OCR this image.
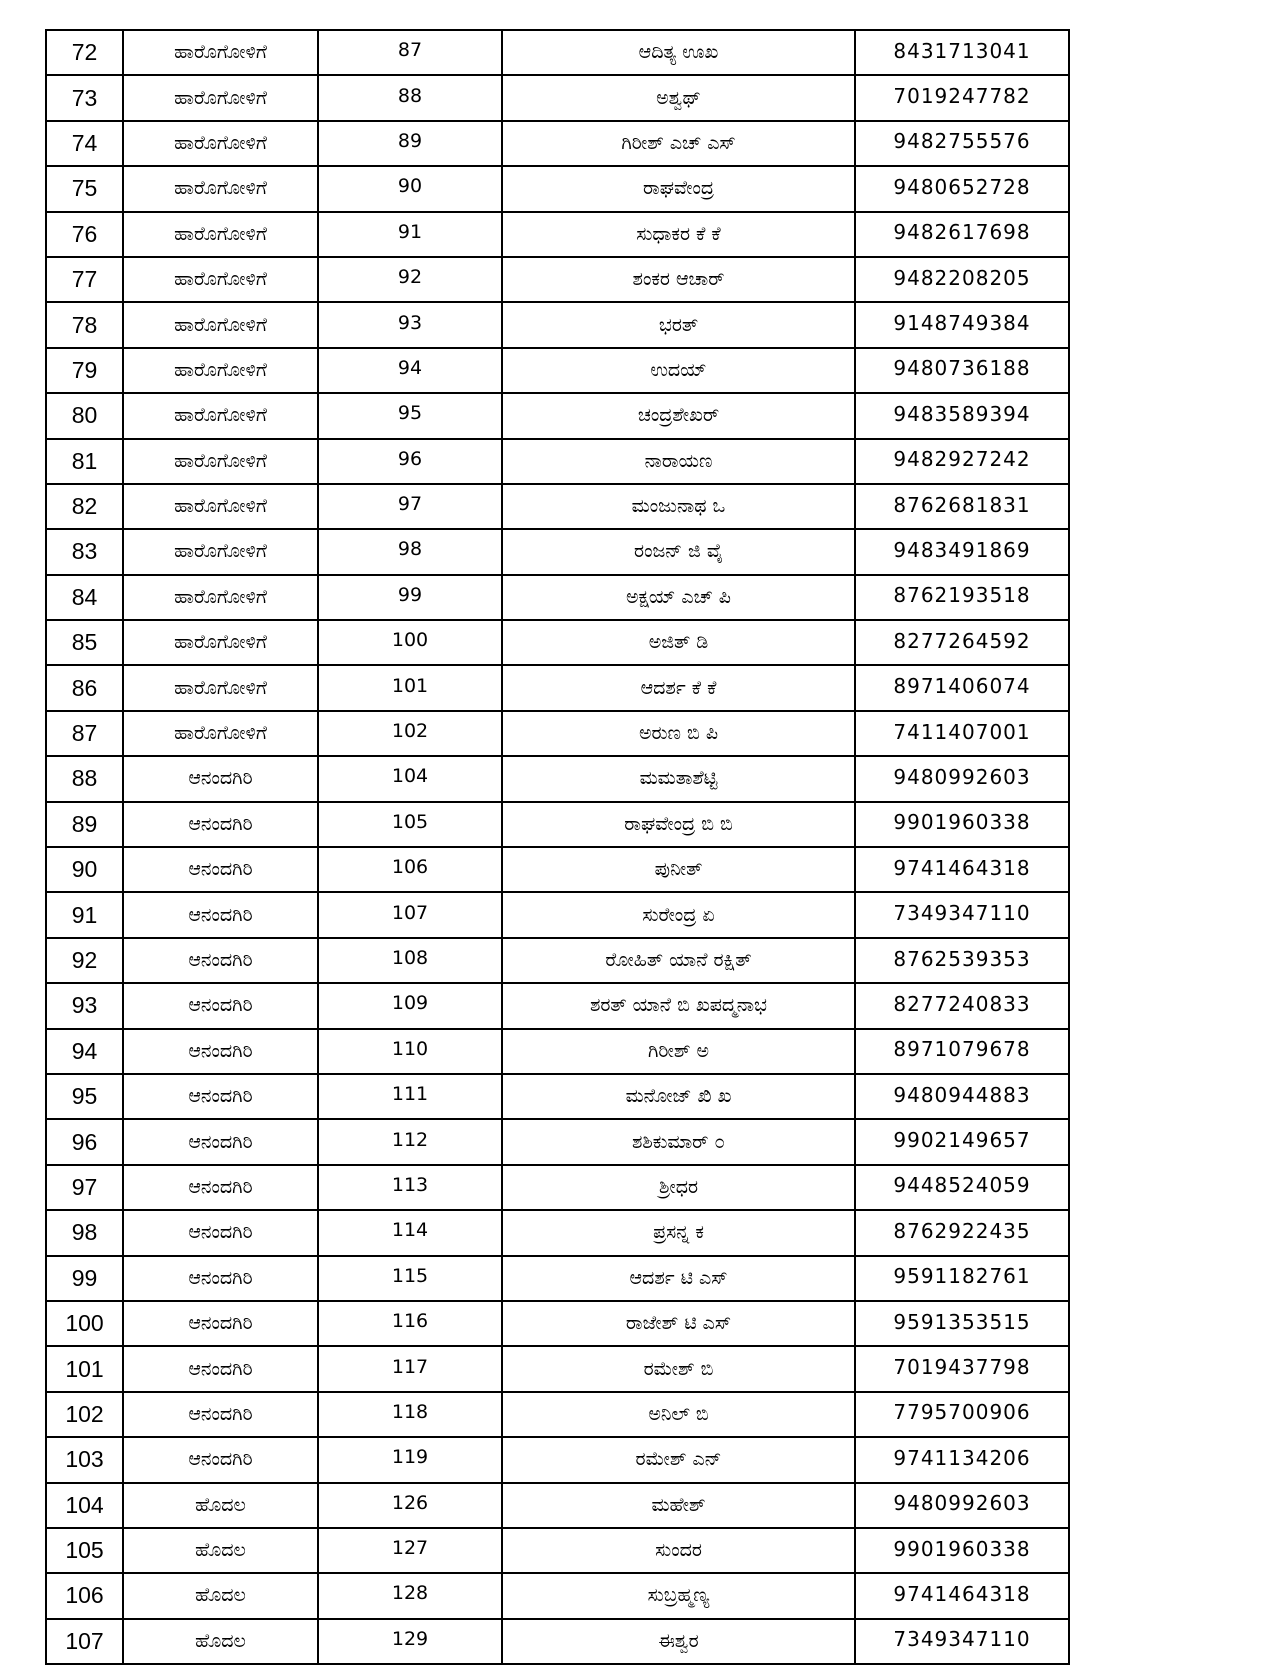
72	ಹಾರೊಗೋಳಿಗೆ	87	ಆದಿತ್ಯ ಊಖ	8431713041
73	ಹಾರೊಗೋಳಿಗೆ	88	ಅಶ್ವಥ್	7019247782
74	ಹಾರೊಗೋಳಿಗೆ	89	ಗಿರೀಶ್ ಎಚ್ ಎಸ್	9482755576
75	ಹಾರೊಗೋಳಿಗೆ	90	ರಾಘವೇಂದ್ರ	9480652728
76	ಹಾರೊಗೋಳಿಗೆ	91	ಸುಧಾಕರ ಕೆ ಕೆ	9482617698
77	ಹಾರೊಗೋಳಿಗೆ	92	ಶಂಕರ ಆಚಾರ್	9482208205
78	ಹಾರೊಗೋಳಿಗೆ	93	ಭರತ್	9148749384
79	ಹಾರೊಗೋಳಿಗೆ	94	ಉದಯ್	9480736188
80	ಹಾರೊಗೋಳಿಗೆ	95	ಚಂದ್ರಶೇಖರ್	9483589394
81	ಹಾರೊಗೋಳಿಗೆ	96	ನಾರಾಯಣ	9482927242
82	ಹಾರೊಗೋಳಿಗೆ	97	ಮಂಜುನಾಥ ಒ	8762681831
83	ಹಾರೊಗೋಳಿಗೆ	98	ರಂಜನ್ ಜಿ ವೈ	9483491869
84	ಹಾರೊಗೋಳಿಗೆ	99	ಅಕ್ಷಯ್ ಎಚ್ ಪಿ	8762193518
85	ಹಾರೊಗೋಳಿಗೆ	100	ಅಜಿತ್ ಡಿ	8277264592
86	ಹಾರೊಗೋಳಿಗೆ	101	ಆದರ್ಶ ಕೆ ಕೆ	8971406074
87	ಹಾರೊಗೋಳಿಗೆ	102	ಅರುಣ ಬಿ ಪಿ	7411407001
88	ಆನಂದಗಿರಿ	104	ಮಮತಾಶೆಟ್ಟಿ	9480992603
89	ಆನಂದಗಿರಿ	105	ರಾಘವೇಂದ್ರ ಬಿ ಬಿ	9901960338
90	ಆನಂದಗಿರಿ	106	ಪುನೀತ್	9741464318
91	ಆನಂದಗಿರಿ	107	ಸುರೇಂದ್ರ ಏ	7349347110
92	ಆನಂದಗಿರಿ	108	ರೋಹಿತ್ ಯಾನೆ ರಕ್ಷಿತ್	8762539353
93	ಆನಂದಗಿರಿ	109	ಶರತ್ ಯಾನೆ ಬಿ ಖಪದ್ಮನಾಭ	8277240833
94	ಆನಂದಗಿರಿ	110	ಗಿರೀಶ್ ಅ	8971079678
95	ಆನಂದಗಿರಿ	111	ಮನೋಜ್ ಖಿ ಖ	9480944883
96	ಆನಂದಗಿರಿ	112	ಶಶಿಕುಮಾರ್ ೦	9902149657
97	ಆನಂದಗಿರಿ	113	ಶ್ರೀಧರ	9448524059
98	ಆನಂದಗಿರಿ	114	ಪ್ರಸನ್ನ ಕ	8762922435
99	ಆನಂದಗಿರಿ	115	ಆದರ್ಶ ಟಿ ಎಸ್	9591182761
100	ಆನಂದಗಿರಿ	116	ರಾಜೇಶ್ ಟಿ ಎಸ್	9591353515
101	ಆನಂದಗಿರಿ	117	ರಮೇಶ್ ಬಿ	7019437798
102	ಆನಂದಗಿರಿ	118	ಅನಿಲ್ ಬಿ	7795700906
103	ಆನಂದಗಿರಿ	119	ರಮೇಶ್ ಎನ್	9741134206
104	ಹೊದಲ	126	ಮಹೇಶ್	9480992603
105	ಹೊದಲ	127	ಸುಂದರ	9901960338
106	ಹೊದಲ	128	ಸುಬ್ರಹ್ಮಣ್ಯ	9741464318
107	ಹೊದಲ	129	ಈಶ್ವರ	7349347110
